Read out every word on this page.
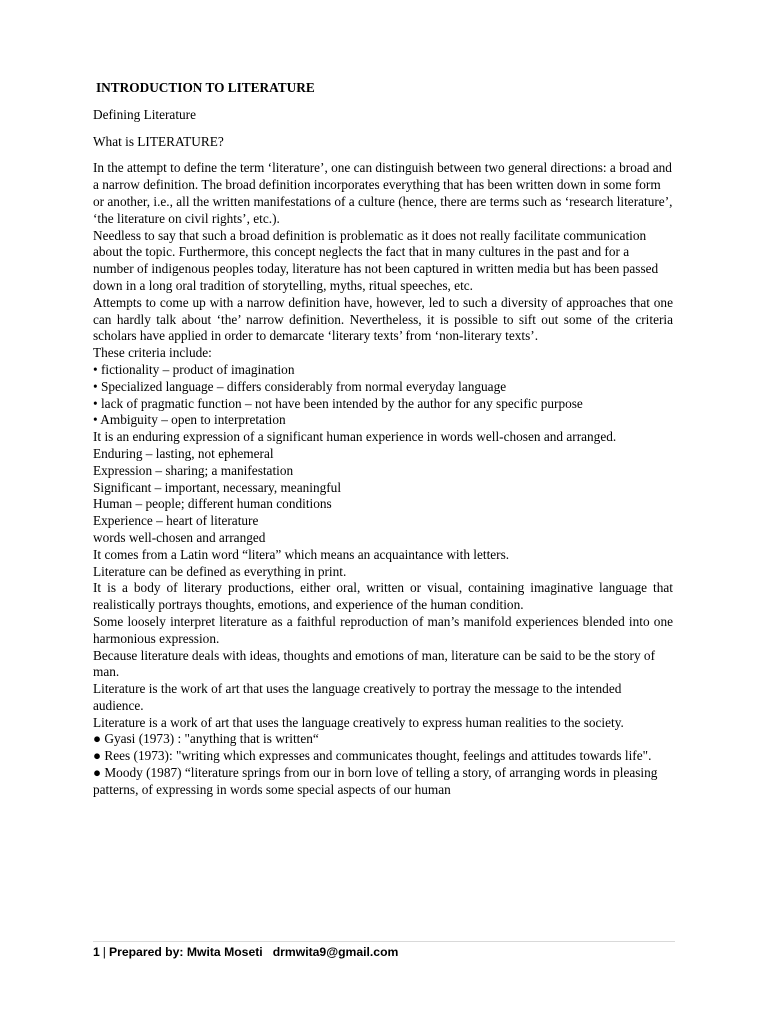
INTRODUCTION TO LITERATURE
Defining Literature
What is LITERATURE?
In the attempt to define the term ‘literature’, one can distinguish between two general directions: a broad and a narrow definition. The broad definition incorporates everything that has been written down in some form or another, i.e., all the written manifestations of a culture (hence, there are terms such as ‘research literature’, ‘the literature on civil rights’, etc.).
Needless to say that such a broad definition is problematic as it does not really facilitate communication about the topic. Furthermore, this concept neglects the fact that in many cultures in the past and for a number of indigenous peoples today, literature has not been captured in written media but has been passed down in a long oral tradition of storytelling, myths, ritual speeches, etc.
Attempts to come up with a narrow definition have, however, led to such a diversity of approaches that one can hardly talk about ‘the’ narrow definition. Nevertheless, it is possible to sift out some of the criteria scholars have applied in order to demarcate ‘literary texts’ from ‘non-literary texts’.
These criteria include:
• fictionality – product of imagination
• Specialized language – differs considerably from normal everyday language
• lack of pragmatic function – not have been intended by the author for any specific purpose
• Ambiguity – open to interpretation
It is an enduring expression of a significant human experience in words well-chosen and arranged.
Enduring – lasting, not ephemeral
Expression – sharing; a manifestation
Significant – important, necessary, meaningful
Human – people; different human conditions
Experience – heart of literature
words well-chosen and arranged
It comes from a Latin word “litera” which means an acquaintance with letters.
Literature can be defined as everything in print.
It is a body of literary productions, either oral, written or visual, containing imaginative language that realistically portrays thoughts, emotions, and experience of the human condition.
Some loosely interpret literature as a faithful reproduction of man’s manifold experiences blended into one harmonious expression.
Because literature deals with ideas, thoughts and emotions of man, literature can be said to be the story of man.
Literature is the work of art that uses the language creatively to portray the message to the intended audience.
Literature is a work of art that uses the language creatively to express human realities to the society.
● Gyasi (1973) : "anything that is written“
● Rees (1973): "writing which expresses and communicates thought, feelings and attitudes towards life".
● Moody (1987) “literature springs from our in born love of telling a story, of arranging words in pleasing patterns, of expressing in words some special aspects of our human
1 | Prepared by: Mwita Moseti drmwita9@gmail.com
